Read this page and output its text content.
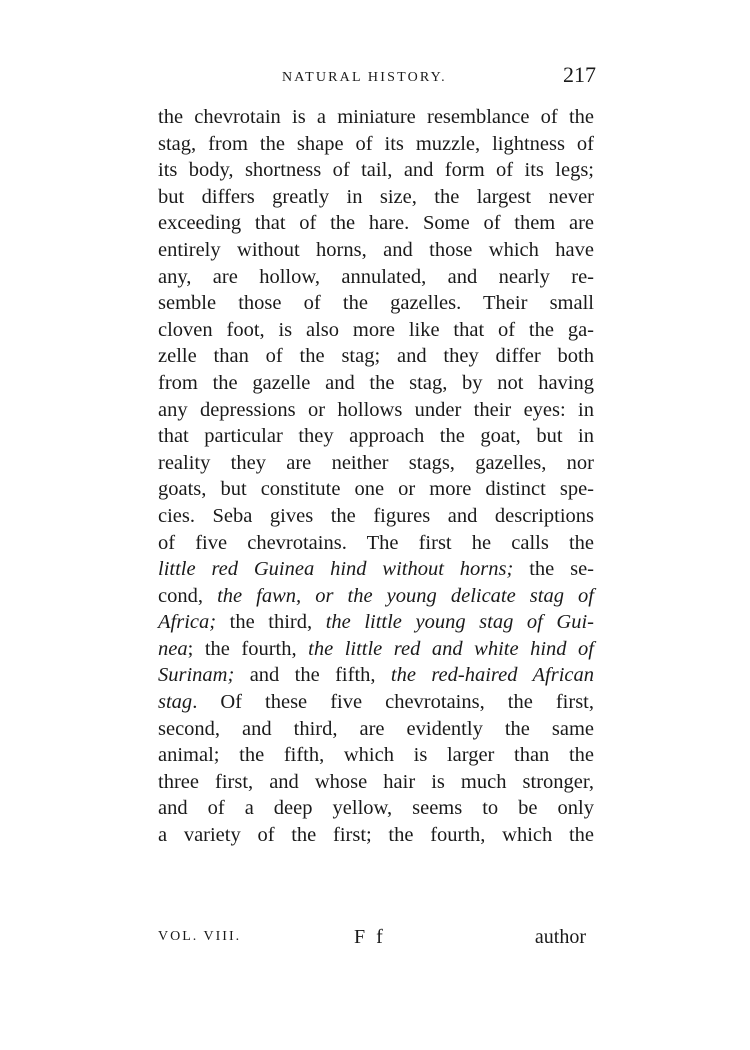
NATURAL HISTORY.	217
the chevrotain is a miniature resemblance of the
stag, from the shape of its muzzle, lightness of
its body, shortness of tail, and form of its legs;
but differs greatly in size, the largest never
exceeding that of the hare. Some of them are
entirely without horns, and those which have
any, are hollow, annulated, and nearly re-
semble those of the gazelles. Their small
cloven foot, is also more like that of the ga-
zelle than of the stag; and they differ both
from the gazelle and the stag, by not having
any depressions or hollows under their eyes: in
that particular they approach the goat, but in
reality they are neither stags, gazelles, nor
goats, but constitute one or more distinct spe-
cies. Seba gives the figures and descriptions
of five chevrotains. The first he calls the
little red Guinea hind without horns; the se-
cond, the fawn, or the young delicate stag of
Africa; the third, the little young stag of Gui-
nea; the fourth, the little red and white hind of
Surinam; and the fifth, the red-haired African
stag. Of these five chevrotains, the first,
second, and third, are evidently the same
animal; the fifth, which is larger than the
three first, and whose hair is much stronger,
and of a deep yellow, seems to be only
a variety of the first; the fourth, which the
VOL. VIII.	F f	author
